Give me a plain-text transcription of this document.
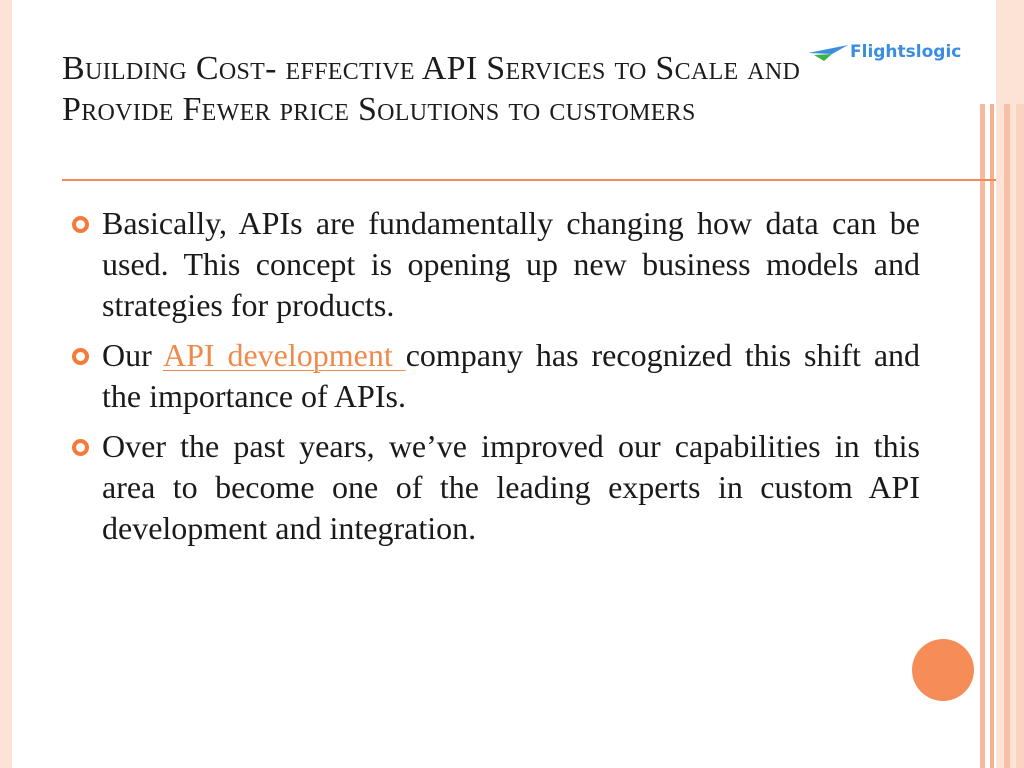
Building Cost- effective API Services to Scale and Provide Fewer price Solutions to customers
Flightslogic
Basically, APIs are fundamentally changing how data can be used. This concept is opening up new business models and strategies for products.
Our API development company has recognized this shift and the importance of APIs.
Over the past years, we’ve improved our capabilities in this area to become one of the leading experts in custom API development and integration.
